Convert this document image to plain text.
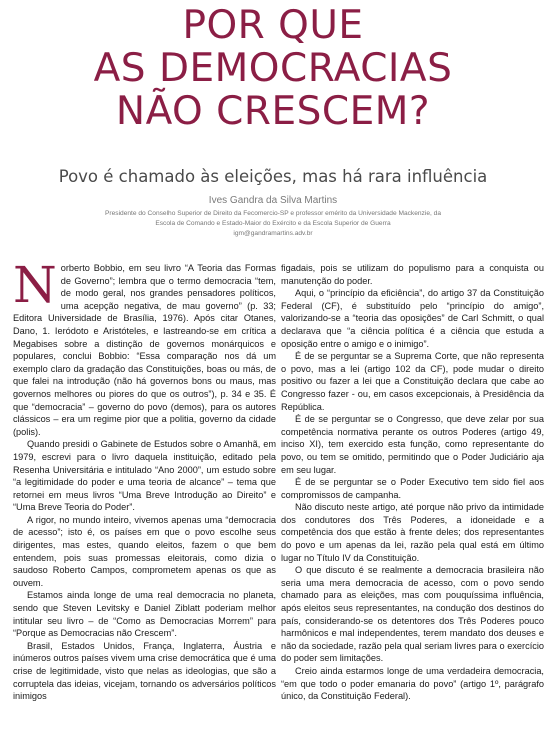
POR QUE
AS DEMOCRACIAS
NÃO CRESCEM?
Povo é chamado às eleições, mas há rara influência
Ives Gandra da Silva Martins
Presidente do Conselho Superior de Direito da Fecomercio-SP e professor emérito da Universidade Mackenzie, da Escola de Comando e Estado-Maior do Exército e da Escola Superior de Guerra
igm@gandramartins.adv.br

Norberto Bobbio, em seu livro “A Teoria das Formas de Governo”; lembra que o termo democracia “tem, de modo geral, nos grandes pensadores políticos, uma acepção negativa, de mau governo” (p. 33; Editora Universidade de Brasília, 1976). Após citar Otanes, Dano, 1. Ieródoto e Aristóteles, e lastreando-se em crítica a Megabises sobre a distinção de governos monárquicos e populares, conclui Bobbio: “Essa comparação nos dá um exemplo claro da gradação das Constituições, boas ou más, de que falei na introdução (não há governos bons ou maus, mas governos melhores ou piores do que os outros”), p. 34 e 35. É que “democracia” – governo do povo (demos), para os autores clássicos – era um regime pior que a politia, governo da cidade (polis).

Quando presidi o Gabinete de Estudos sobre o Amanhã, em 1979, escrevi para o livro daquela instituição, editado pela Resenha Universitária e intitulado “Ano 2000”, um estudo sobre “a legitimidade do poder e uma teoria de alcance” – tema que retornei em meus livros “Uma Breve Introdução ao Direito” e “Uma Breve Teoria do Poder”.

A rigor, no mundo inteiro, vivemos apenas uma “democracia de acesso”; isto é, os países em que o povo escolhe seus dirigentes, mas estes, quando eleitos, fazem o que bem entendem, pois suas promessas eleitorais, como dizia o saudoso Roberto Campos, comprometem apenas os que as ouvem.

Estamos ainda longe de uma real democracia no planeta, sendo que Steven Levitsky e Daniel Ziblatt poderiam melhor intitular seu livro – de “Como as Democracias Morrem” para “Porque as Democracias não Crescem”.

Brasil, Estados Unidos, França, Inglaterra, Áustria e inúmeros outros países vivem uma crise democrática que é uma crise de legitimidade, visto que nelas as ideologias, que são a corruptela das ideias, vicejam, tornando os adversários políticos inimigos

figadais, pois se utilizam do populismo para a conquista ou manutenção do poder.

Aqui, o “princípio da eficiência”, do artigo 37 da Constituição Federal (CF), é substituído pelo “princípio do amigo”, valorizando-se a “teoria das oposições” de Carl Schmitt, o qual declarava que “a ciência política é a ciência que estuda a oposição entre o amigo e o inimigo”.

É de se perguntar se a Suprema Corte, que não representa o povo, mas a lei (artigo 102 da CF), pode mudar o direito positivo ou fazer a lei que a Constituição declara que cabe ao Congresso fazer - ou, em casos excepcionais, à Presidência da República.

É de se perguntar se o Congresso, que deve zelar por sua competência normativa perante os outros Poderes (artigo 49, inciso XI), tem exercido esta função, como representante do povo, ou tem se omitido, permitindo que o Poder Judiciário aja em seu lugar.

É de se perguntar se o Poder Executivo tem sido fiel aos compromissos de campanha.

Não discuto neste artigo, até porque não privo da intimidade dos condutores dos Três Poderes, a idoneidade e a competência dos que estão à frente deles; dos representantes do povo e um apenas da lei, razão pela qual está em último lugar no Título IV da Constituição.

O que discuto é se realmente a democracia brasileira não seria uma mera democracia de acesso, com o povo sendo chamado para as eleições, mas com pouquíssima influência, após eleitos seus representantes, na condução dos destinos do país, considerando-se os detentores dos Três Poderes pouco harmônicos e mal independentes, terem mandato dos deuses e não da sociedade, razão pela qual seriam livres para o exercício do poder sem limitações.

Creio ainda estarmos longe de uma verdadeira democracia, “em que todo o poder emanaria do povo” (artigo 1º, parágrafo único, da Constituição Federal).
